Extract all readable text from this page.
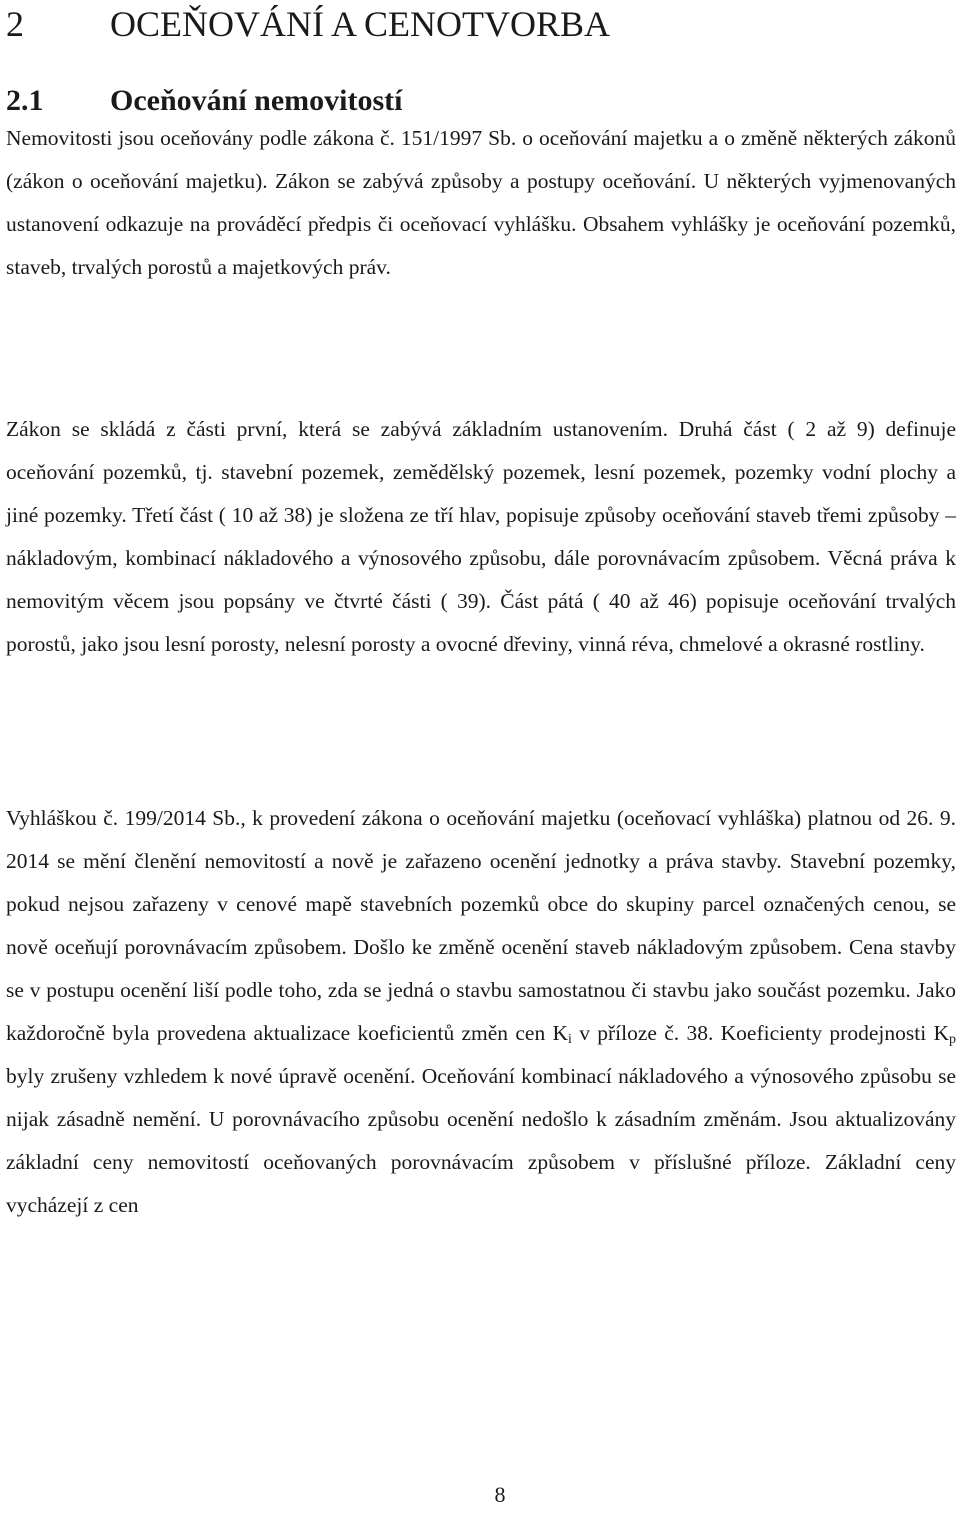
2 OCEŇOVÁNÍ A CENOTVORBA
2.1 Oceňování nemovitostí

Nemovitosti jsou oceňovány podle zákona č. 151/1997 Sb. o oceňování majetku a o změně některých zákonů (zákon o oceňování majetku). Zákon se zabývá způsoby a postupy oceňování. U některých vyjmenovaných ustanovení odkazuje na prováděcí předpis či oceňovací vyhlášku. Obsahem vyhlášky je oceňování pozemků, staveb, trvalých porostů a majetkových práv.

Zákon se skládá z části první, která se zabývá základním ustanovením. Druhá část ( 2 až 9) definuje oceňování pozemků, tj. stavební pozemek, zemědělský pozemek, lesní pozemek, pozemky vodní plochy a jiné pozemky. Třetí část ( 10 až 38) je složena ze tří hlav, popisuje způsoby oceňování staveb třemi způsoby – nákladovým, kombinací nákladového a výnosového způsobu, dále porovnávacím způsobem. Věcná práva k nemovitým věcem jsou popsány ve čtvrté části ( 39). Část pátá ( 40 až 46) popisuje oceňování trvalých porostů, jako jsou lesní porosty, nelesní porosty a ovocné dřeviny, vinná réva, chmelové a okrasné rostliny.

Vyhláškou č. 199/2014 Sb., k provedení zákona o oceňování majetku (oceňovací vyhláška) platnou od 26. 9. 2014 se mění členění nemovitostí a nově je zařazeno ocenění jednotky a práva stavby. Stavební pozemky, pokud nejsou zařazeny v cenové mapě stavebních pozemků obce do skupiny parcel označených cenou, se nově oceňují porovnávacím způsobem. Došlo ke změně ocenění staveb nákladovým způsobem. Cena stavby se v postupu ocenění liší podle toho, zda se jedná o stavbu samostatnou či stavbu jako součást pozemku. Jako každoročně byla provedena aktualizace koeficientů změn cen $K_i$ v příloze č. 38. Koeficienty prodejnosti $K_p$ byly zrušeny vzhledem k nové úpravě ocenění. Oceňování kombinací nákladového a výnosového způsobu se nijak zásadně nemění. U porovnávacího způsobu ocenění nedošlo k zásadním změnám. Jsou aktualizovány základní ceny nemovitostí oceňovaných porovnávacím způsobem v příslušné příloze. Základní ceny vycházejí z cen

8
